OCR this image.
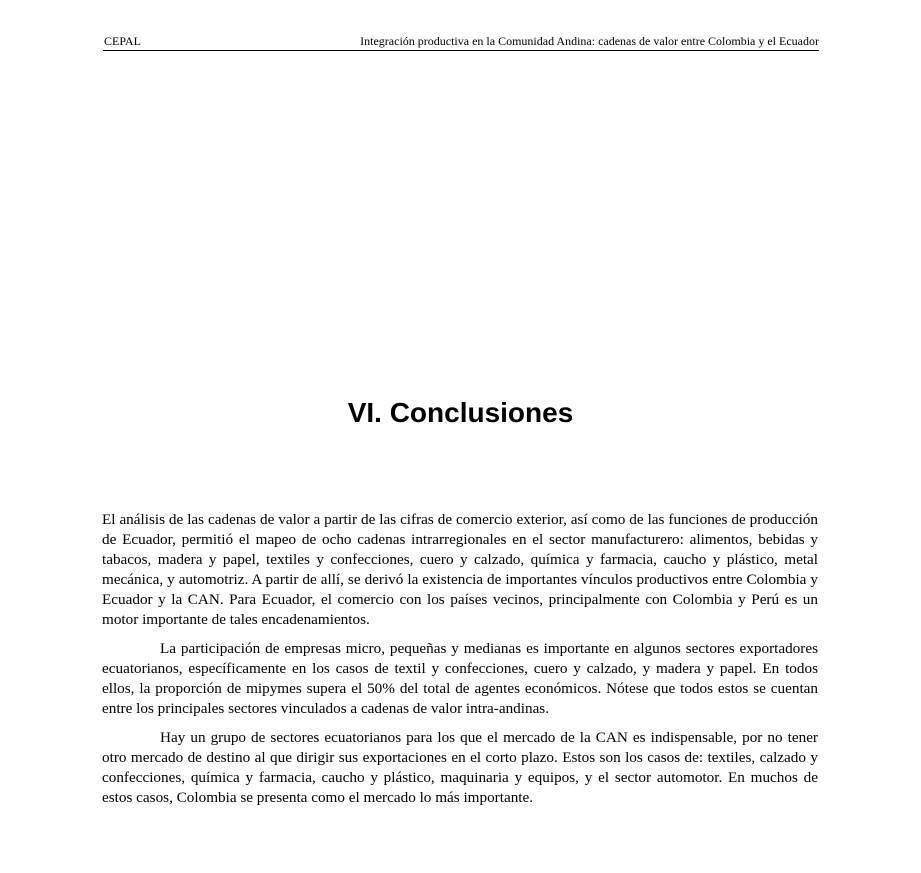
CEPAL	Integración productiva en la Comunidad Andina: cadenas de valor entre Colombia y el Ecuador
VI. Conclusiones

El análisis de las cadenas de valor a partir de las cifras de comercio exterior, así como de las funciones de producción de Ecuador, permitió el mapeo de ocho cadenas intrarregionales en el sector manufacturero: alimentos, bebidas y tabacos, madera y papel, textiles y confecciones, cuero y calzado, química y farmacia, caucho y plástico, metal mecánica, y automotriz. A partir de allí, se derivó la existencia de importantes vínculos productivos entre Colombia y Ecuador y la CAN. Para Ecuador, el comercio con los países vecinos, principalmente con Colombia y Perú es un motor importante de tales encadenamientos.

La participación de empresas micro, pequeñas y medianas es importante en algunos sectores exportadores ecuatorianos, específicamente en los casos de textil y confecciones, cuero y calzado, y madera y papel. En todos ellos, la proporción de mipymes supera el 50% del total de agentes económicos. Nótese que todos estos se cuentan entre los principales sectores vinculados a cadenas de valor intra-andinas.

Hay un grupo de sectores ecuatorianos para los que el mercado de la CAN es indispensable, por no tener otro mercado de destino al que dirigir sus exportaciones en el corto plazo. Estos son los casos de: textiles, calzado y confecciones, química y farmacia, caucho y plástico, maquinaria y equipos, y el sector automotor. En muchos de estos casos, Colombia se presenta como el mercado lo más importante.
